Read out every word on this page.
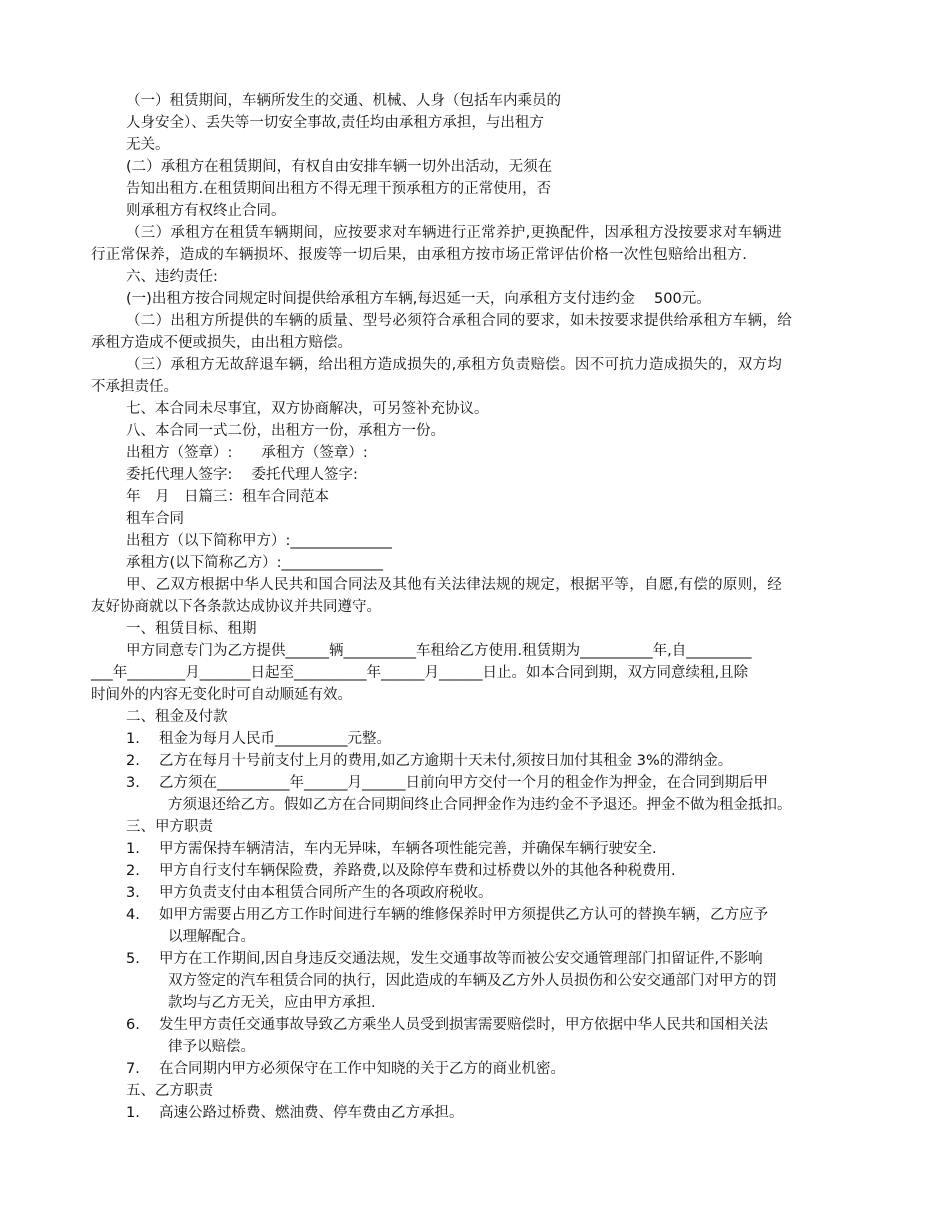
（一）租赁期间，车辆所发生的交通、机械、人身（包括车内乘员的
人身安全）、丢失等一切安全事故,责任均由承租方承担，与出租方
无关。
(二）承租方在租赁期间，有权自由安排车辆一切外出活动，无须在
告知出租方.在租赁期间出租方不得无理干预承租方的正常使用，否
则承租方有权终止合同。
（三）承租方在租赁车辆期间，应按要求对车辆进行正常养护,更换配件，因承租方没按要求对车辆进
行正常保养，造成的车辆损坏、报废等一切后果，由承租方按市场正常评估价格一次性包赔给出租方.
六、违约责任:
(一)出租方按合同规定时间提供给承租方车辆,每迟延一天，向承租方支付违约金　 500元。
（二）出租方所提供的车辆的质量、型号必须符合承租合同的要求，如未按要求提供给承租方车辆，给
承租方造成不便或损失，由出租方赔偿。
（三）承租方无故辞退车辆，给出租方造成损失的,承租方负责赔偿。因不可抗力造成损失的，双方均
不承担责任。
七、本合同未尽事宜，双方协商解决，可另签补充协议。
八、本合同一式二份，出租方一份，承租方一份。
出租方（签章）:　　承租方（签章）:
委托代理人签字:　 委托代理人签字:
年　月　日篇三：租车合同范本
租车合同
出租方（以下简称甲方）:______________
承租方(以下简称乙方）:______________
甲、乙双方根据中华人民共和国合同法及其他有关法律法规的规定，根据平等，自愿,有偿的原则，经
友好协商就以下各条款达成协议并共同遵守。
一、租赁目标、租期
甲方同意专门为乙方提供______辆__________车租给乙方使用.租赁期为__________年,自_________
___年________月_______日起至__________年______月______日止。如本合同到期，双方同意续租,且除
时间外的内容无变化时可自动顺延有效。
二、租金及付款
1.　 租金为每月人民币__________元整。
2.　 乙方在每月十号前支付上月的费用,如乙方逾期十天未付,须按日加付其租金 3%的滞纳金。
3.　 乙方须在__________年______月______日前向甲方交付一个月的租金作为押金，在合同到期后甲
方须退还给乙方。假如乙方在合同期间终止合同押金作为违约金不予退还。押金不做为租金抵扣。
三、甲方职责
1.　 甲方需保持车辆清洁，车内无异味，车辆各项性能完善，并确保车辆行驶安全.
2.　 甲方自行支付车辆保险费，养路费,以及除停车费和过桥费以外的其他各种税费用.
3.　 甲方负责支付由本租赁合同所产生的各项政府税收。
4.　 如甲方需要占用乙方工作时间进行车辆的维修保养时甲方须提供乙方认可的替换车辆，乙方应予
以理解配合。
5.　 甲方在工作期间,因自身违反交通法规，发生交通事故等而被公安交通管理部门扣留证件,不影响
双方签定的汽车租赁合同的执行，因此造成的车辆及乙方外人员损伤和公安交通部门对甲方的罚
款均与乙方无关，应由甲方承担.
6.　 发生甲方责任交通事故导致乙方乘坐人员受到损害需要赔偿时，甲方依据中华人民共和国相关法
律予以赔偿。
7.　 在合同期内甲方必须保守在工作中知晓的关于乙方的商业机密。
五、乙方职责
1.　 高速公路过桥费、燃油费、停车费由乙方承担。
